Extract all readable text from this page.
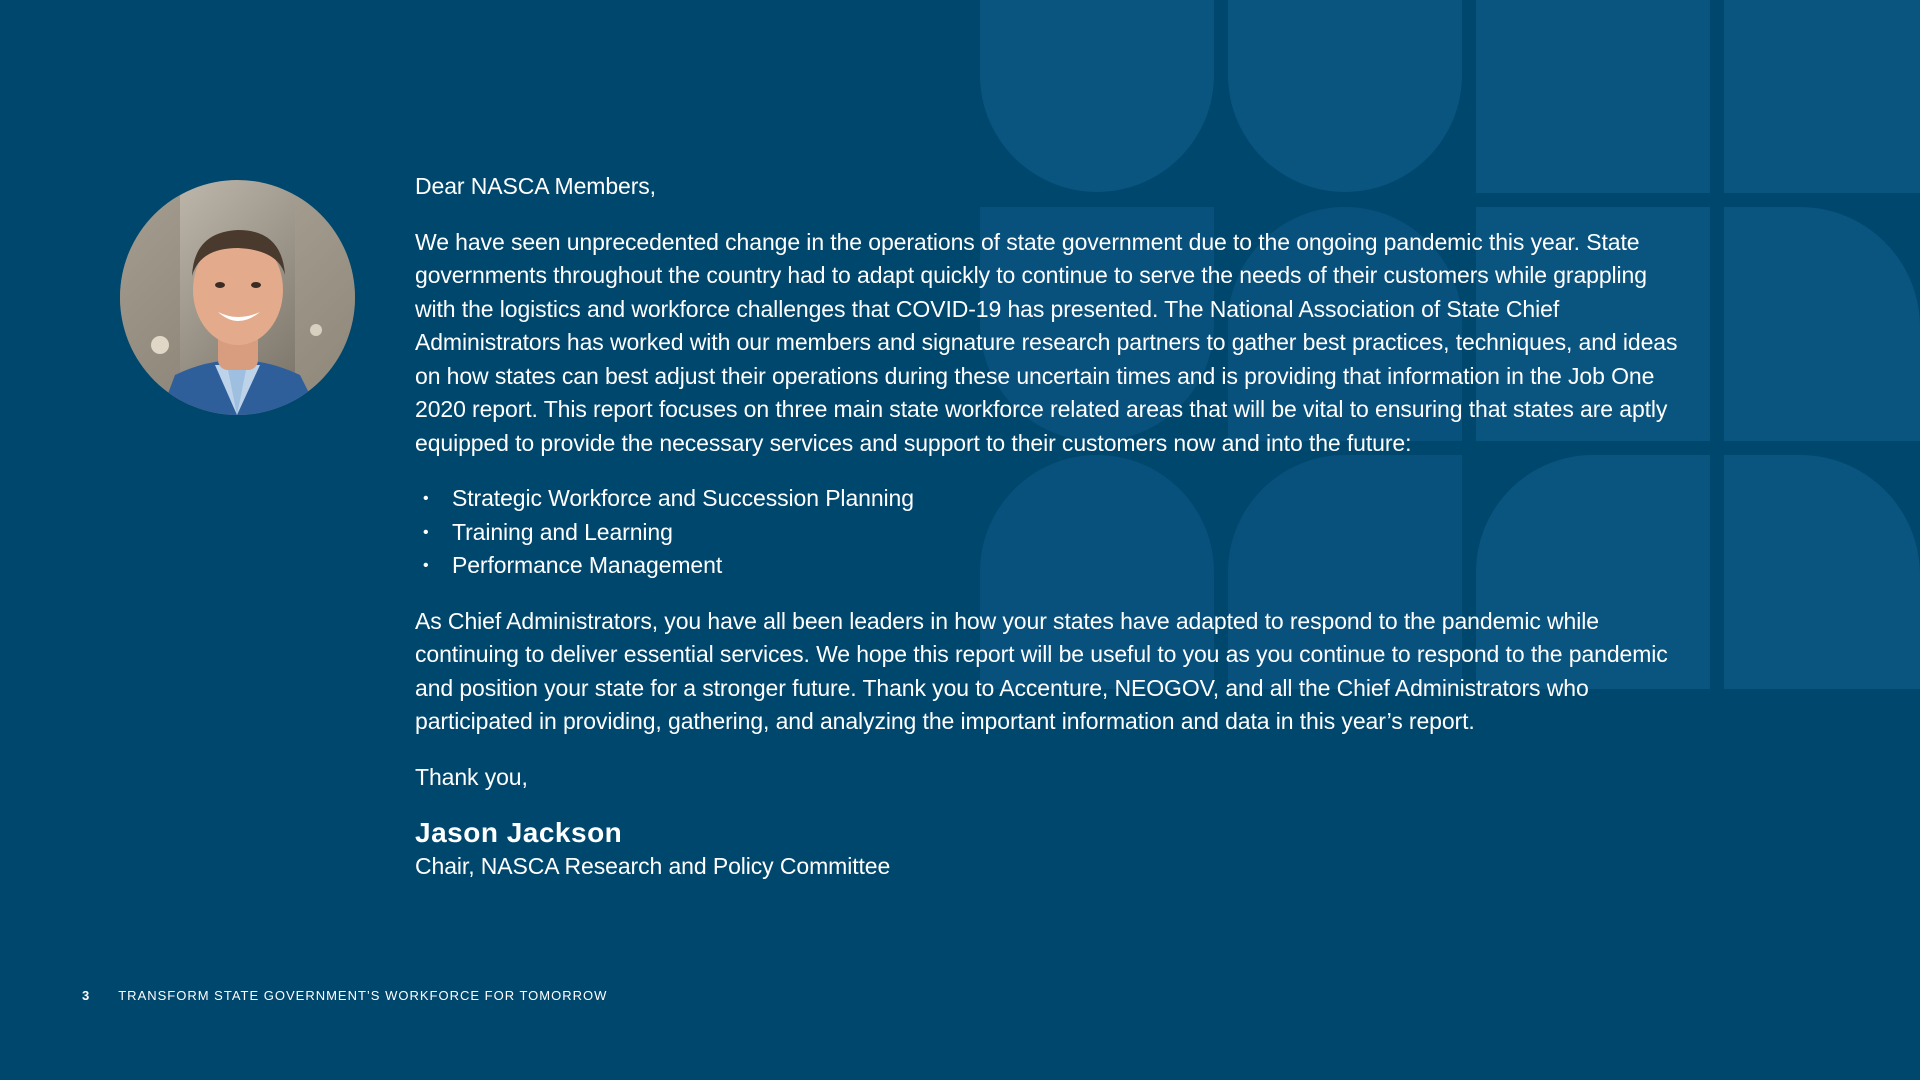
Dear NASCA Members,

We have seen unprecedented change in the operations of state government due to the ongoing pandemic this year. State governments throughout the country had to adapt quickly to continue to serve the needs of their customers while grappling with the logistics and workforce challenges that COVID-19 has presented. The National Association of State Chief Administrators has worked with our members and signature research partners to gather best practices, techniques, and ideas on how states can best adjust their operations during these uncertain times and is providing that information in the Job One 2020 report. This report focuses on three main state workforce related areas that will be vital to ensuring that states are aptly equipped to provide the necessary services and support to their customers now and into the future:

• Strategic Workforce and Succession Planning
• Training and Learning
• Performance Management

As Chief Administrators, you have all been leaders in how your states have adapted to respond to the pandemic while continuing to deliver essential services. We hope this report will be useful to you as you continue to respond to the pandemic and position your state for a stronger future. Thank you to Accenture, NEOGOV, and all the Chief Administrators who participated in providing, gathering, and analyzing the important information and data in this year’s report.

Thank you,

Jason Jackson

Chair, NASCA Research and Policy Committee

3 TRANSFORM STATE GOVERNMENT’S WORKFORCE FOR TOMORROW
